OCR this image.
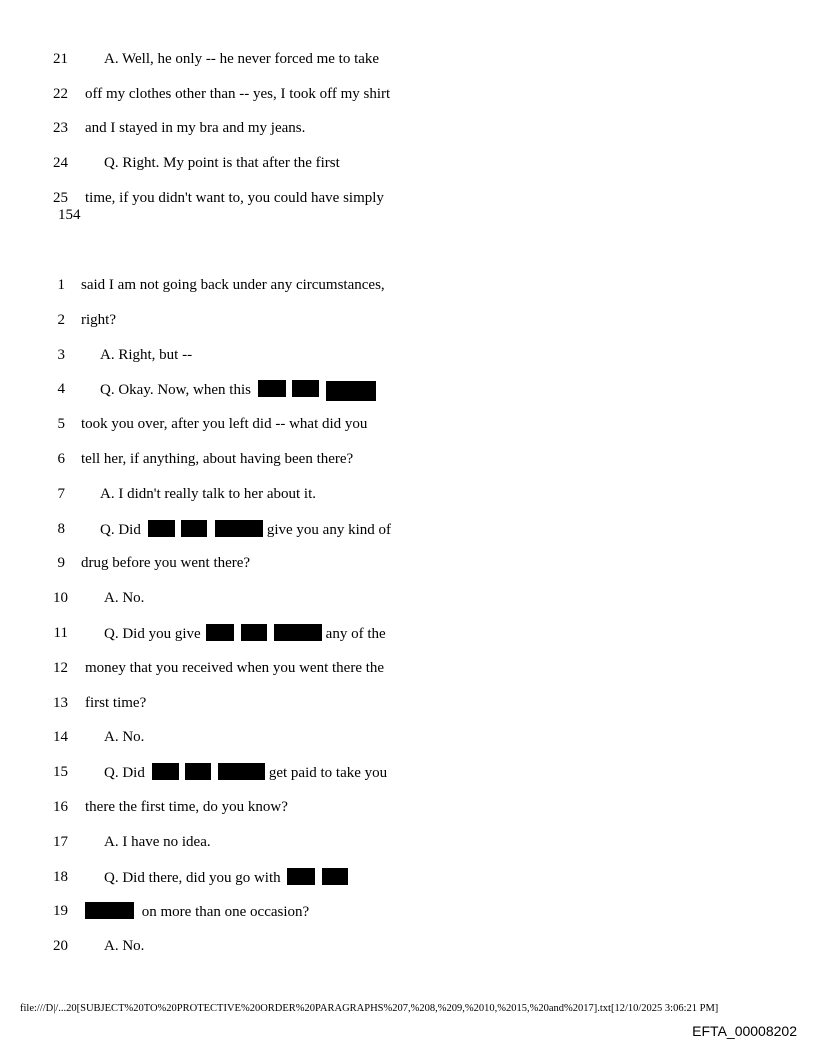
21 A. Well, he only -- he never forced me to take
22 off my clothes other than -- yes, I took off my shirt
23 and I stayed in my bra and my jeans.
24 Q. Right. My point is that after the first
25 time, if you didn't want to, you could have simply
154
1 said I am not going back under any circumstances,
2 right?
3 A. Right, but --
4 Q. Okay. Now, when this
5 took you over, after you left did -- what did you
6 tell her, if anything, about having been there?
7 A. I didn't really talk to her about it.
8 Q. Did	give you any kind of
9 drug before you went there?
10 A. No.
11 Q. Did you give	any of the
12 money that you received when you went there the
13 first time?
14 A. No.
15 Q. Did	get paid to take you
16 there the first time, do you know?
17 A. I have no idea.
18 Q. Did there, did you go with
19	on more than one occasion?
20 A. No.
file:///D|/...20[SUBJECT%20TO%20PROTECTIVE%20ORDER%20PARAGRAPHS%207,%208,%209,%2010,%2015,%20and%2017].txt[12/10/2025 3:06:21 PM]
EFTA_00008202
